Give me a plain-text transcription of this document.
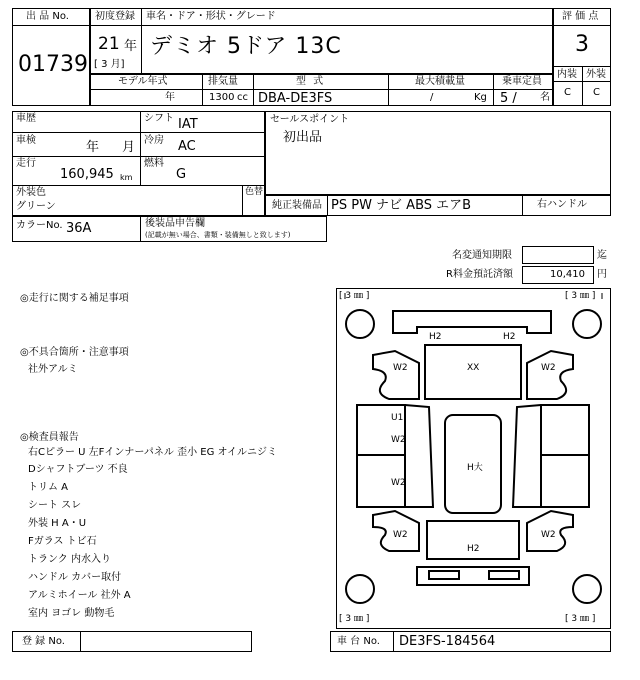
出 品 No.
01739
初度登録 車名・ドア・形状・グレード
21 年
[ 3 月]
デミオ 5ドア 13C
評 価 点
3
内装 外装
C C
モデル年式	排気量	型 式	最大積載量	乗車定員
年	1300 cc DBA-DE3FS	/	Kg 5 / 名
車歴	シフト IAT
車検	年 月 冷房 AC
走行
160,945 km
燃料
G
外装色
グリーン
色替
セールスポイント
初出品
純正装備品 PS PW ナビ ABS エアB	右ハンドル
カラーNo. 36A	後装品申告欄
(記載が無い場合、書類・装備無しと致します)
名変通知期限	迄
R料金預託済額	10,410 円
◎走行に関する補足事項
◎不具合箇所・注意事項
社外アルミ
◎検査員報告
右Cピラー U 左Fインナーパネル 歪小 EG オイルニジミ
Dシャフトブーツ 不良
トリム A
シート スレ
外装 H A・U
Fガラス トビ石
トランク 内水入り
ハンドル カバー取付
アルミホイール 社外 A
室内 ヨゴレ 動物毛
[ 3 ㎜ ]	[ 3 ㎜ ]
[ 3 ㎜ ]	[ 3 ㎜ ]
H2	H2
XX
W2	W2
U1
W2
W2
H大
W2	W2
H2
登 録 No.	車 台 No. DE3FS-184564
